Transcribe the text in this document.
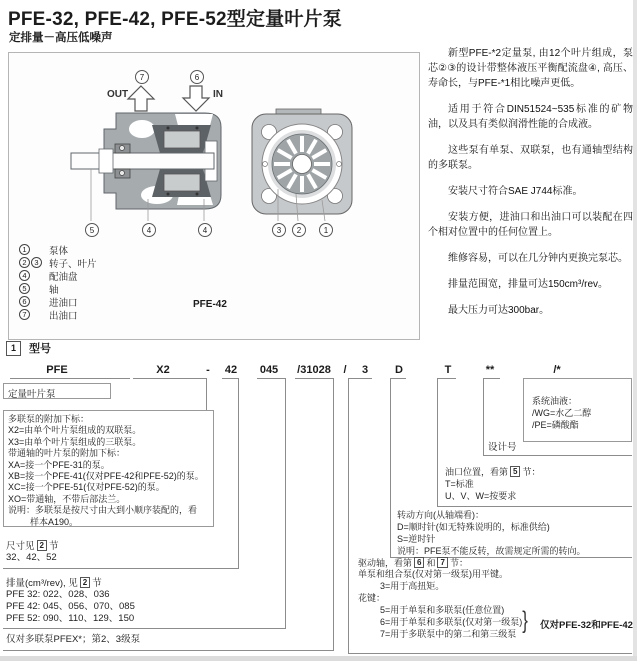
PFE-32, PFE-42, PFE-52型定量叶片泵
定排量－高压低噪声
OUT	IN
7	6
5	4	4	3	2	1
1	泵体
2	3	转子、叶片
4	配油盘
5	轴
6	进油口
7	出油口
PFE-42

新型PFE-*2定量泵, 由12个叶片组成，泵芯②③的设计带整体液压平衡配流盘④, 高压、寿命长，与PFE-*1相比噪声更低。

适用于符合DIN51524~535标准的矿物油，以及具有类似润滑性能的合成液。

这些泵有单泵、双联泵，也有通轴型结构的多联泵。

安装尺寸符合SAE J744标准。

安装方便，进油口和出油口可以装配在四个相对位置中的任何位置上。

维修容易，可以在几分钟内更换完泵芯。

排量范围宽，排量可达150cm³/rev。

最大压力可达300bar。

1	型号
PFE	X2	- 42 045 /31028 / 3 D	T	**	/*
定量叶片泵
多联泵的附加下标：
X2=由单个叶片泵组成的双联泵。
X3=由单个叶片泵组成的三联泵。
带通轴的叶片泵的附加下标：
XA=接一个PFE-31的泵。
XB=接一个PFE-41(仅对PFE-42和PFE-52)的泵。
XC=接一个PFE-51(仅对PFE-52)的泵。
XO=带通轴，不带后部法兰。
说明：多联泵是按尺寸由大到小顺序装配的，看
样本A190。
尺寸见 2 节
32、42、52
排量(cm³/rev), 见 2 节
PFE 32: 022、028、036
PFE 42: 045、056、070、085
PFE 52: 090、110、129、150
仅对多联泵PFEX*；第2、3级泵
驱动轴，看第 6 和 7 节：
单泵和组合泵(仅对第一级泵)用平键。
3=用于高扭矩。
花键：
5=用于单泵和多联泵(任意位置)
6=用于单泵和多联泵(仅对第一级泵)
7=用于多联泵中的第二和第三级泵 } 仅对PFE-32和PFE-42
转动方向(从轴端看)：
D=顺时针(如无特殊说明的，标准供给)
S=逆时针
说明：PFE泵不能反转，故需规定所需的转向。
油口位置，看第 5 节：
T=标准
U、V、W=按要求
设计号
系统油液：
/WG=水乙二醇
/PE=磷酸酯
